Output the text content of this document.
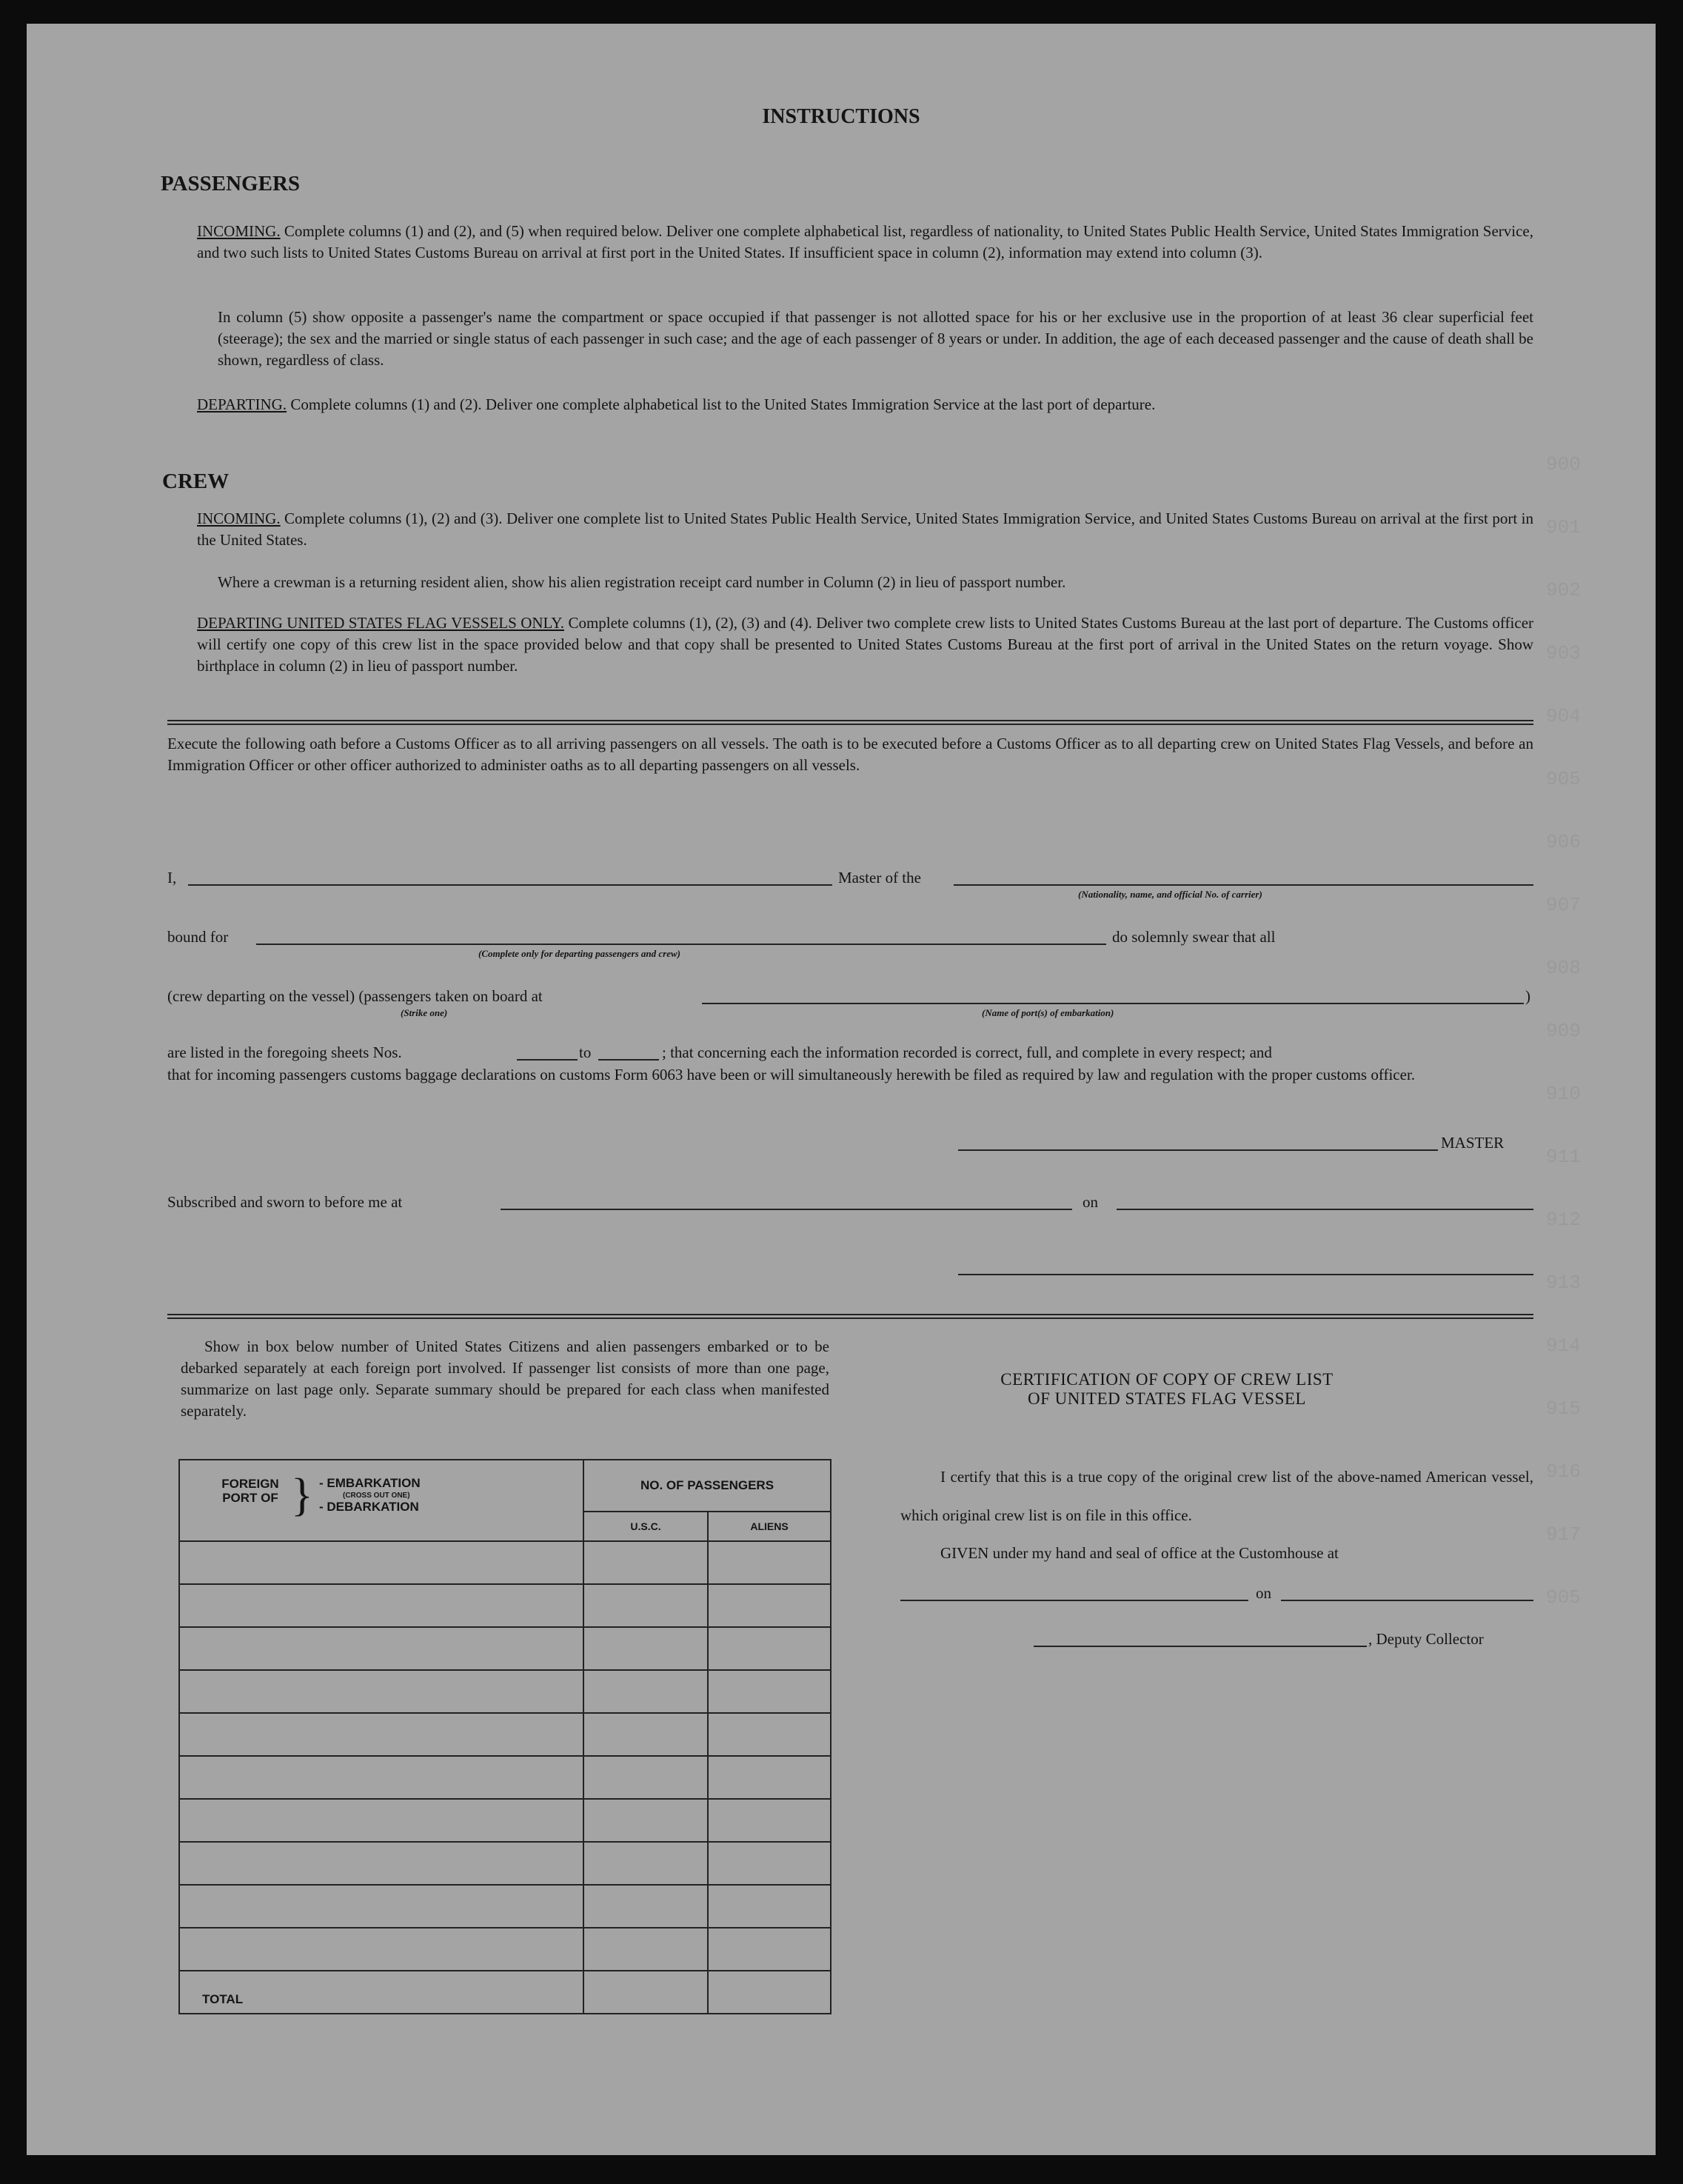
900
901
902
903
904
905
906
907
908
909
910
911
912
913
914
915
916
917
905
INSTRUCTIONS
PASSENGERS

INCOMING. Complete columns (1) and (2), and (5) when required below. Deliver one complete alphabetical list, regardless of nationality, to United States Public Health Service, United States Immigration Service, and two such lists to United States Customs Bureau on arrival at first port in the United States. If insufficient space in column (2), information may extend into column (3).

In column (5) show opposite a passenger's name the compartment or space occupied if that passenger is not allotted space for his or her exclusive use in the proportion of at least 36 clear superficial feet (steerage); the sex and the married or single status of each passenger in such case; and the age of each passenger of 8 years or under. In addition, the age of each deceased passenger and the cause of death shall be shown, regardless of class.

DEPARTING. Complete columns (1) and (2). Deliver one complete alphabetical list to the United States Immigration Service at the last port of departure.

CREW

INCOMING. Complete columns (1), (2) and (3). Deliver one complete list to United States Public Health Service, United States Immigration Service, and United States Customs Bureau on arrival at the first port in the United States.

Where a crewman is a returning resident alien, show his alien registration receipt card number in Column (2) in lieu of passport number.

DEPARTING UNITED STATES FLAG VESSELS ONLY. Complete columns (1), (2), (3) and (4). Deliver two complete crew lists to United States Customs Bureau at the last port of departure. The Customs officer will certify one copy of this crew list in the space provided below and that copy shall be presented to United States Customs Bureau at the first port of arrival in the United States on the return voyage. Show birthplace in column (2) in lieu of passport number.

Execute the following oath before a Customs Officer as to all arriving passengers on all vessels. The oath is to be executed before a Customs Officer as to all departing crew on United States Flag Vessels, and before an Immigration Officer or other officer authorized to administer oaths as to all departing passengers on all vessels.

I,	Master of the
(Nationality, name, and official No. of carrier)
bound for
(Complete only for departing passengers and crew)
do solemnly swear that all
(crew departing on the vessel) (passengers taken on board at
(Strike one)
)
(Name of port(s) of embarkation)
are listed in the foregoing sheets Nos.	to	; that concerning each the information recorded is correct, full, and complete in every respect; and

that for incoming passengers customs baggage declarations on customs Form 6063 have been or will simultaneously herewith be filed as required by law and regulation with the proper customs officer.

MASTER
Subscribed and sworn to before me at	on

Show in box below number of United States Citizens and alien passengers embarked or to be debarked separately at each foreign port involved. If passenger list consists of more than one page, summarize on last page only. Separate summary should be prepared for each class when manifested separately.

FOREIGN PORT OF } - EMBARKATION
(CROSS OUT ONE)
- DEBARKATION	NO. OF PASSENGERS	
	U.S.C.	ALIENS

TOTAL		
CERTIFICATION OF COPY OF CREW LIST
OF UNITED STATES FLAG VESSEL

I certify that this is a true copy of the original crew list of the above-named American vessel, which original crew list is on file in this office.

GIVEN under my hand and seal of office at the Customhouse at
on
, Deputy Collector
